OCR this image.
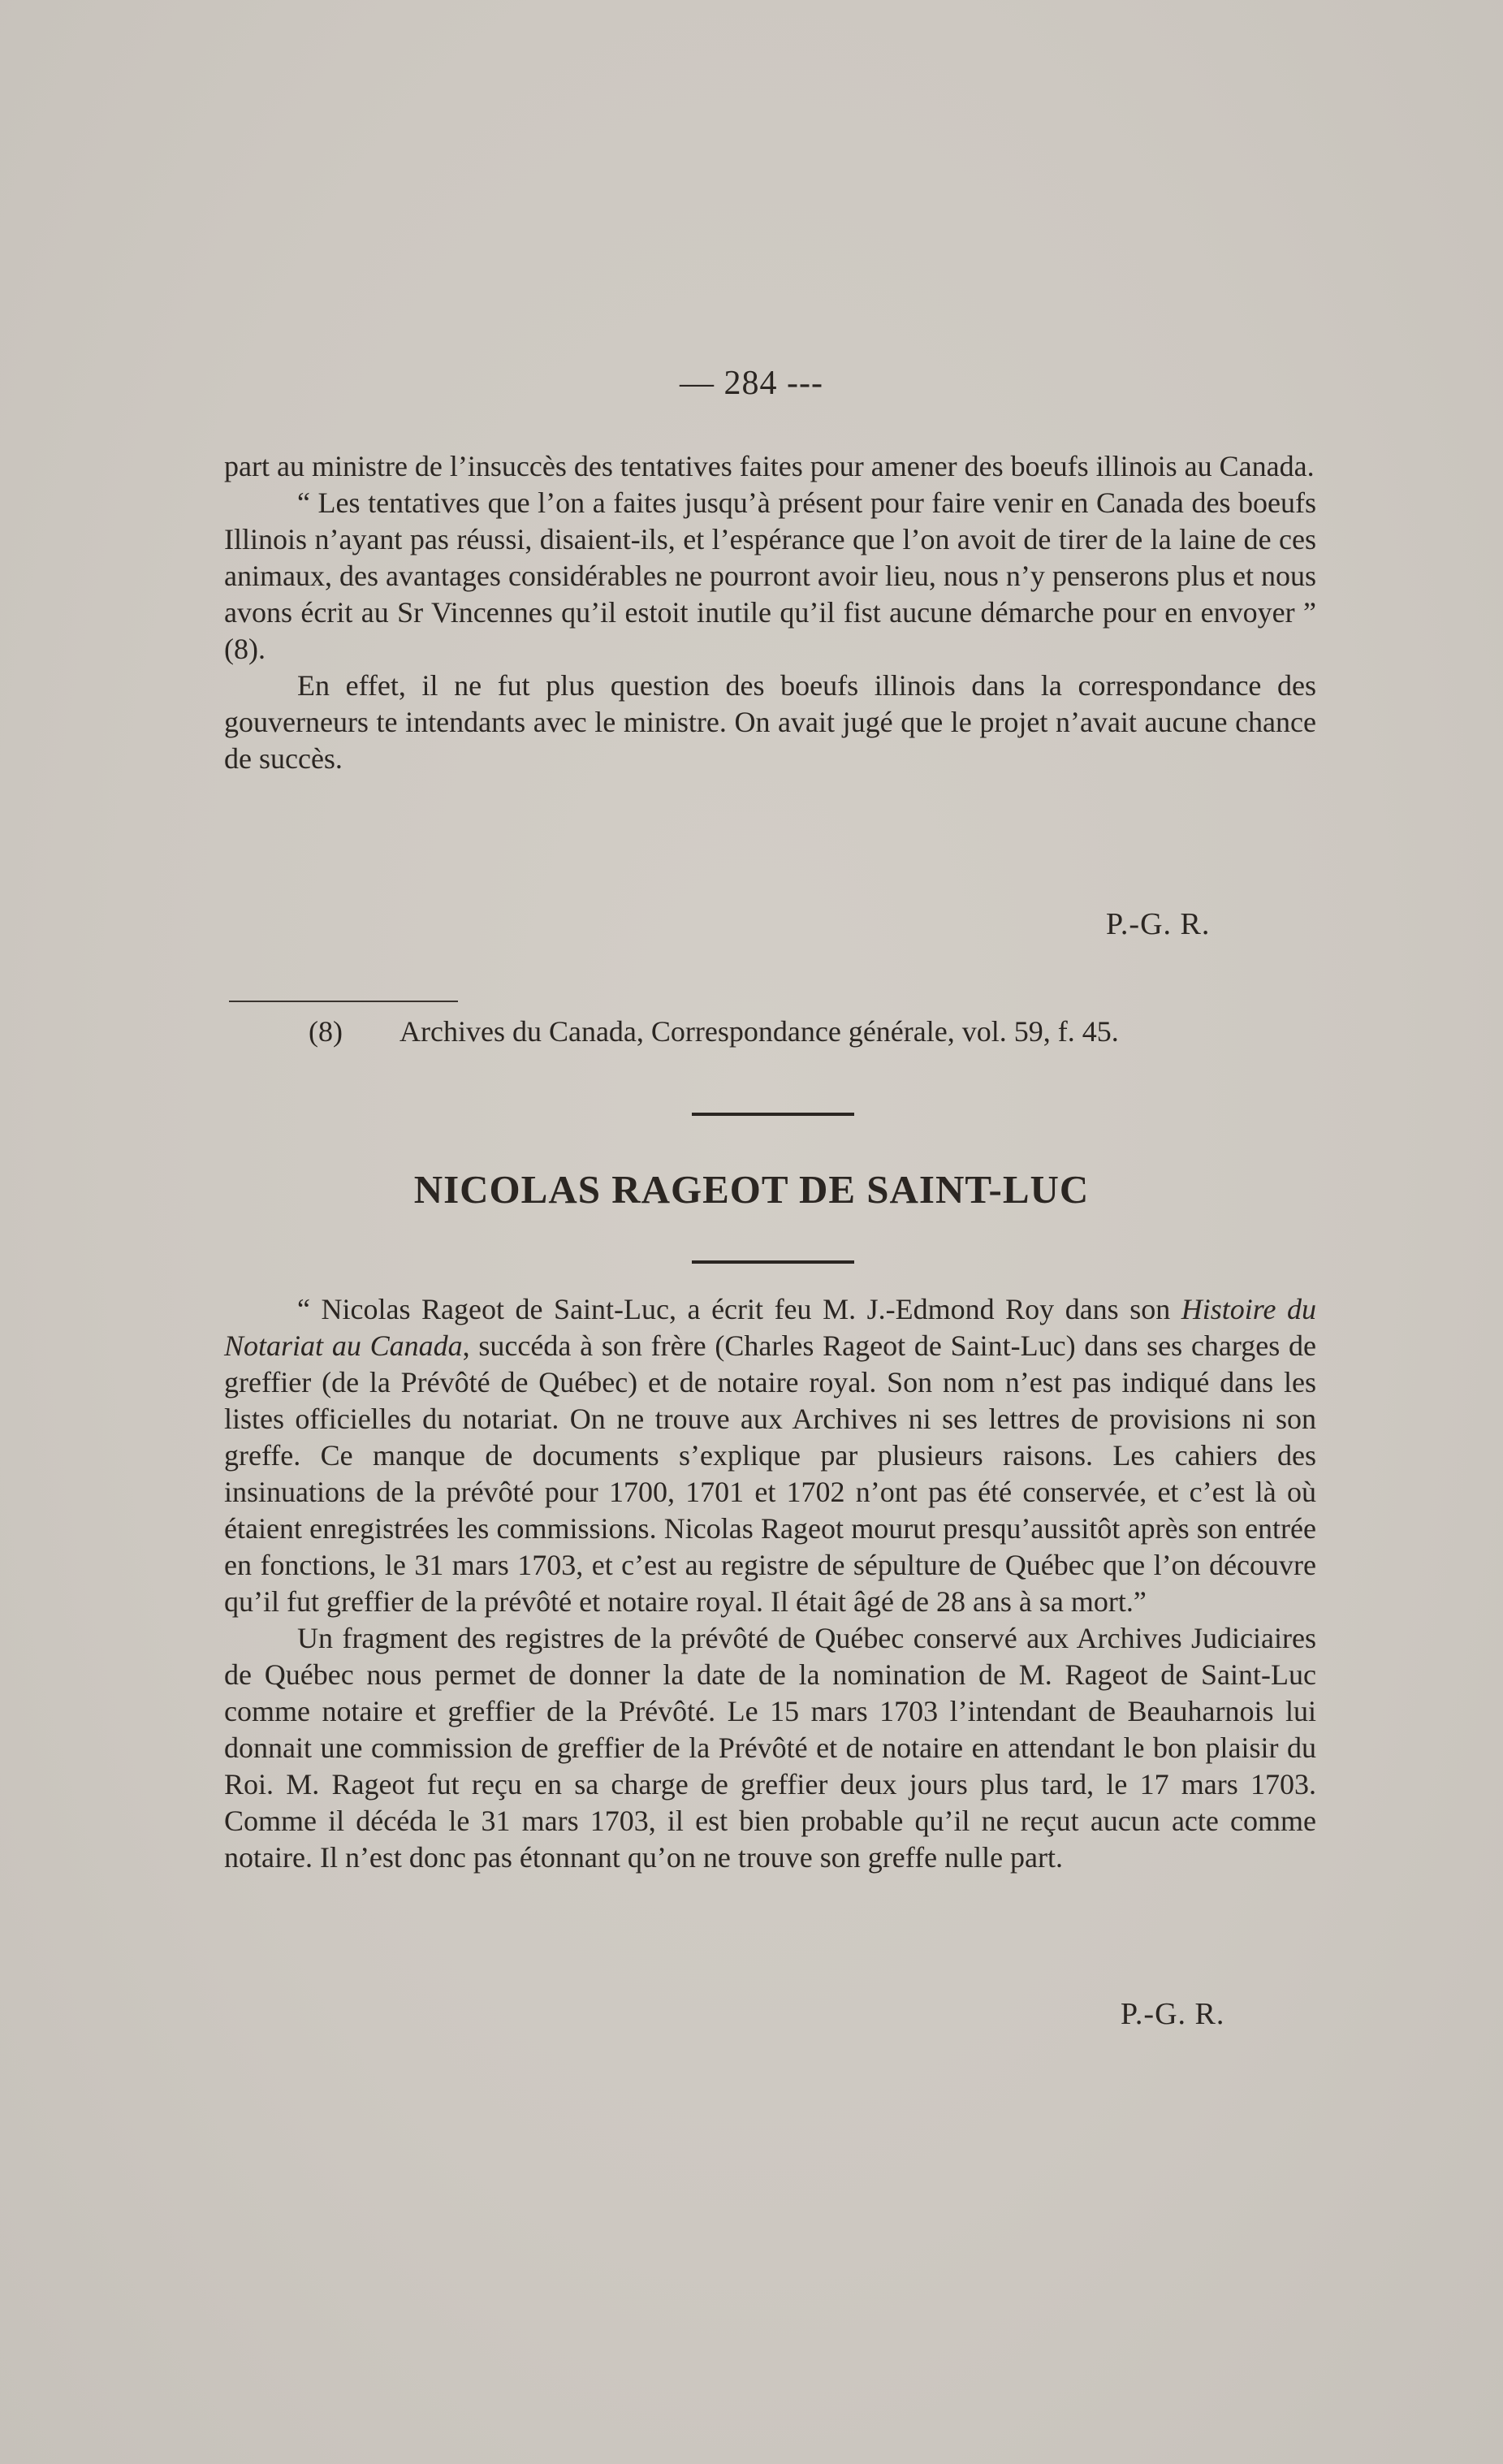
— 284 ---

part au ministre de l’insuccès des tentatives faites pour amener des boeufs illinois au Canada.

“ Les tentatives que l’on a faites jusqu’à présent pour faire venir en Canada des boeufs Illinois n’ayant pas réussi, disaient-ils, et l’espérance que l’on avoit de tirer de la laine de ces animaux, des avantages considérables ne pourront avoir lieu, nous n’y penserons plus et nous avons écrit au Sr Vincennes qu’il estoit inutile qu’il fist aucune démarche pour en envoyer ” (8).

En effet, il ne fut plus question des boeufs illinois dans la correspondance des gouverneurs te intendants avec le ministre. On avait jugé que le projet n’avait aucune chance de succès.

P.-G. R.
(8) Archives du Canada, Correspondance générale, vol. 59, f. 45.
NICOLAS RAGEOT DE SAINT-LUC

“ Nicolas Rageot de Saint-Luc, a écrit feu M. J.-Edmond Roy dans son Histoire du Notariat au Canada, succéda à son frère (Charles Rageot de Saint-Luc) dans ses charges de greffier (de la Prévôté de Québec) et de notaire royal. Son nom n’est pas indiqué dans les listes officielles du notariat. On ne trouve aux Archives ni ses lettres de provisions ni son greffe. Ce manque de documents s’explique par plusieurs raisons. Les cahiers des insinuations de la prévôté pour 1700, 1701 et 1702 n’ont pas été conservée, et c’est là où étaient enregistrées les commissions. Nicolas Rageot mourut presqu’aussitôt après son entrée en fonctions, le 31 mars 1703, et c’est au registre de sépulture de Québec que l’on découvre qu’il fut greffier de la prévôté et notaire royal. Il était âgé de 28 ans à sa mort.”

Un fragment des registres de la prévôté de Québec conservé aux Archives Judiciaires de Québec nous permet de donner la date de la nomination de M. Rageot de Saint-Luc comme notaire et greffier de la Prévôté. Le 15 mars 1703 l’intendant de Beauharnois lui donnait une commission de greffier de la Prévôté et de notaire en attendant le bon plaisir du Roi. M. Rageot fut reçu en sa charge de greffier deux jours plus tard, le 17 mars 1703. Comme il décéda le 31 mars 1703, il est bien probable qu’il ne reçut aucun acte comme notaire. Il n’est donc pas étonnant qu’on ne trouve son greffe nulle part.

P.-G. R.
